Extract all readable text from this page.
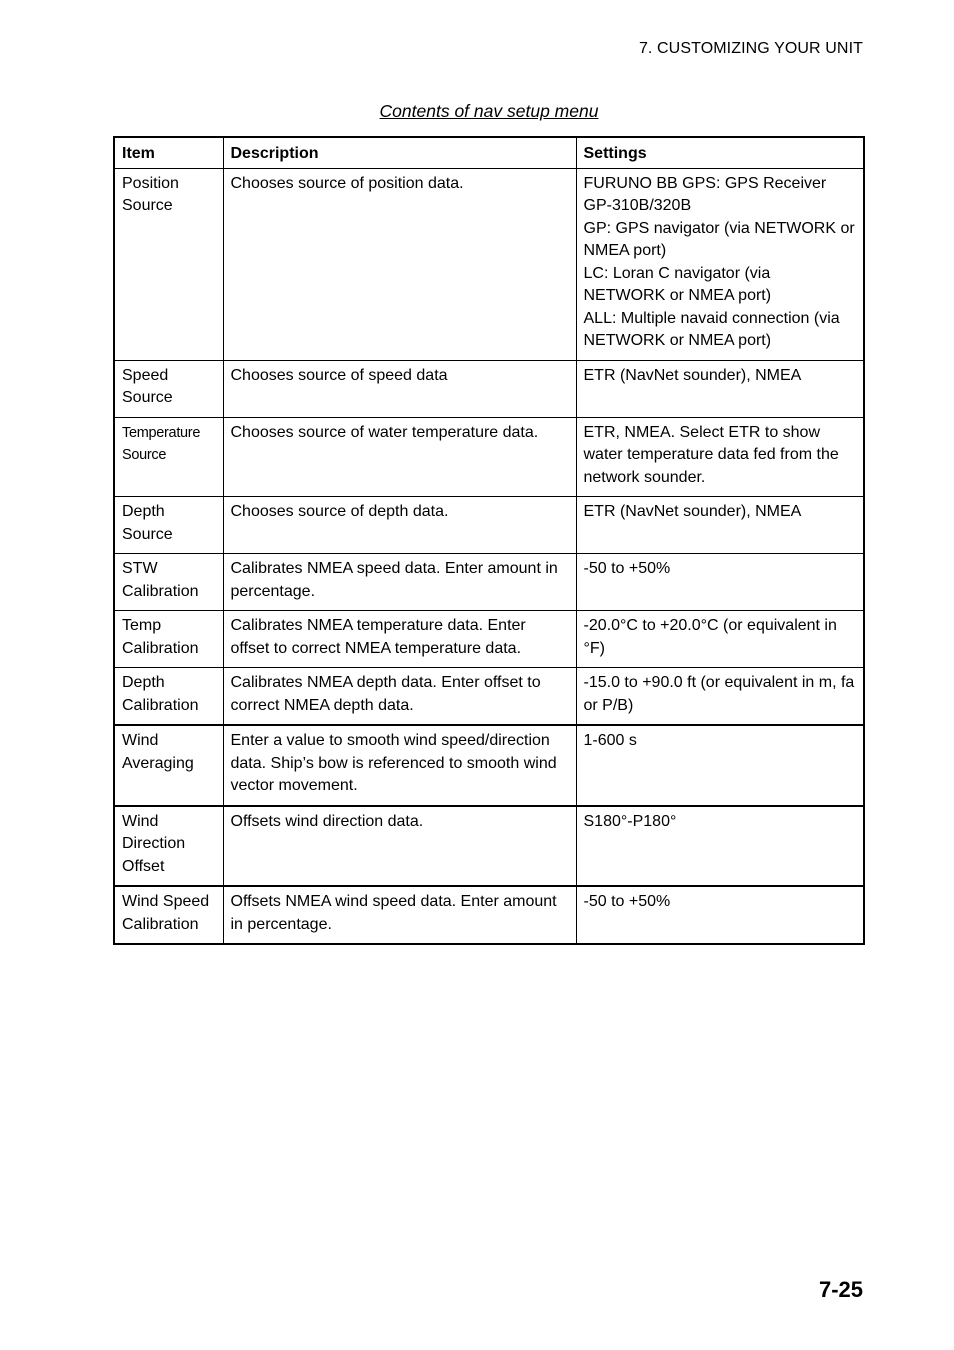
7. CUSTOMIZING YOUR UNIT
Contents of nav setup menu
Item	Description	Settings

Position
Source	Chooses source of position data.	FURUNO BB GPS: GPS Receiver GP-310B/320B
GP: GPS navigator (via NETWORK or NMEA port)
LC: Loran C navigator (via NETWORK or NMEA port)
ALL: Multiple navaid connection (via NETWORK or NMEA port)

Speed
Source	Chooses source of speed data	ETR (NavNet sounder), NMEA

Temperature
Source	Chooses source of water temperature data.	ETR, NMEA. Select ETR to show water temperature data fed from the network sounder.

Depth
Source	Chooses source of depth data.	ETR (NavNet sounder), NMEA

STW
Calibration	Calibrates NMEA speed data. Enter amount in percentage.	-50 to +50%

Temp
Calibration	Calibrates NMEA temperature data. Enter offset to correct NMEA temperature data.	-20.0°C to +20.0°C (or equivalent in °F)

Depth
Calibration	Calibrates NMEA depth data. Enter offset to correct NMEA depth data.	-15.0 to +90.0 ft (or equivalent in m, fa or P/B)

Wind
Averaging	Enter a value to smooth wind speed/direction data. Ship’s bow is referenced to smooth wind vector movement.	1-600 s

Wind
Direction
Offset	Offsets wind direction data.	S180°-P180°

Wind Speed
Calibration	Offsets NMEA wind speed data. Enter amount in percentage.	-50 to +50%
7-25
